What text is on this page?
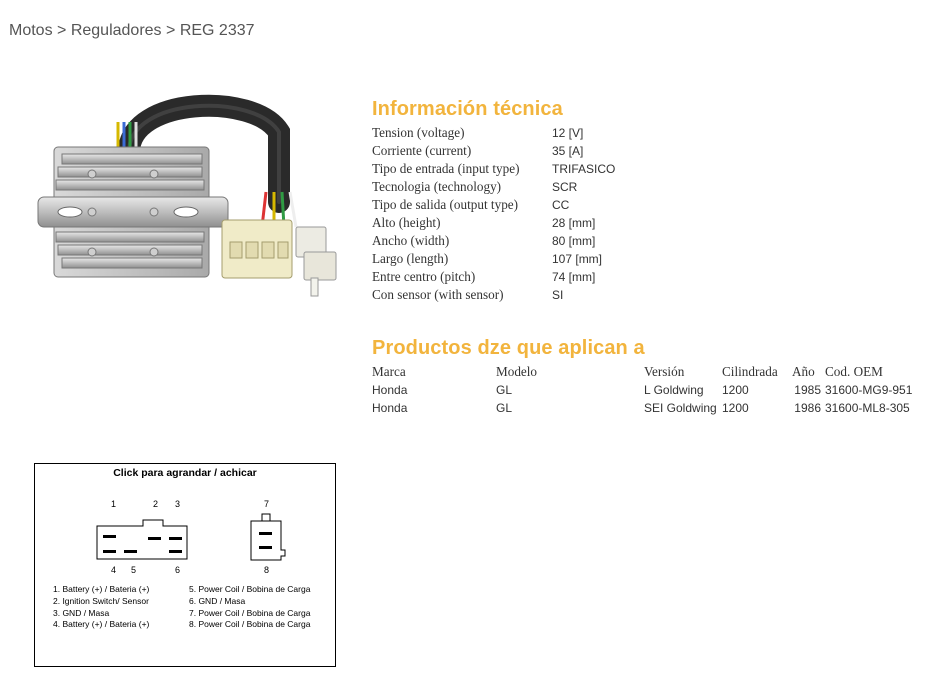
Motos > Reguladores > REG 2337
Información técnica
Tension (voltage)	12 [V]
Corriente (current)	35 [A]
Tipo de entrada (input type)	TRIFASICO
Tecnologia (technology)	SCR
Tipo de salida (output type)	CC
Alto (height)	28 [mm]
Ancho (width)	80 [mm]
Largo (length)	107 [mm]
Entre centro (pitch)	74 [mm]
Con sensor (with sensor)	SI
Productos dze que aplican a
Marca	Modelo	Versión	Cilindrada	Año	Cod. OEM
Honda	GL	L Goldwing	1200	1985	31600-MG9-951
Honda	GL	SEI Goldwing	1200	1986	31600-ML8-305
Click para agrandar / achicar
1	2 3
4 5	6
7
8
1. Battery (+) / Bateria (+)
2. Ignition Switch/ Sensor
3. GND / Masa
4. Battery (+) / Bateria (+)
5. Power Coil / Bobina de Carga
6. GND / Masa
7. Power Coil / Bobina de Carga
8. Power Coil / Bobina de Carga
